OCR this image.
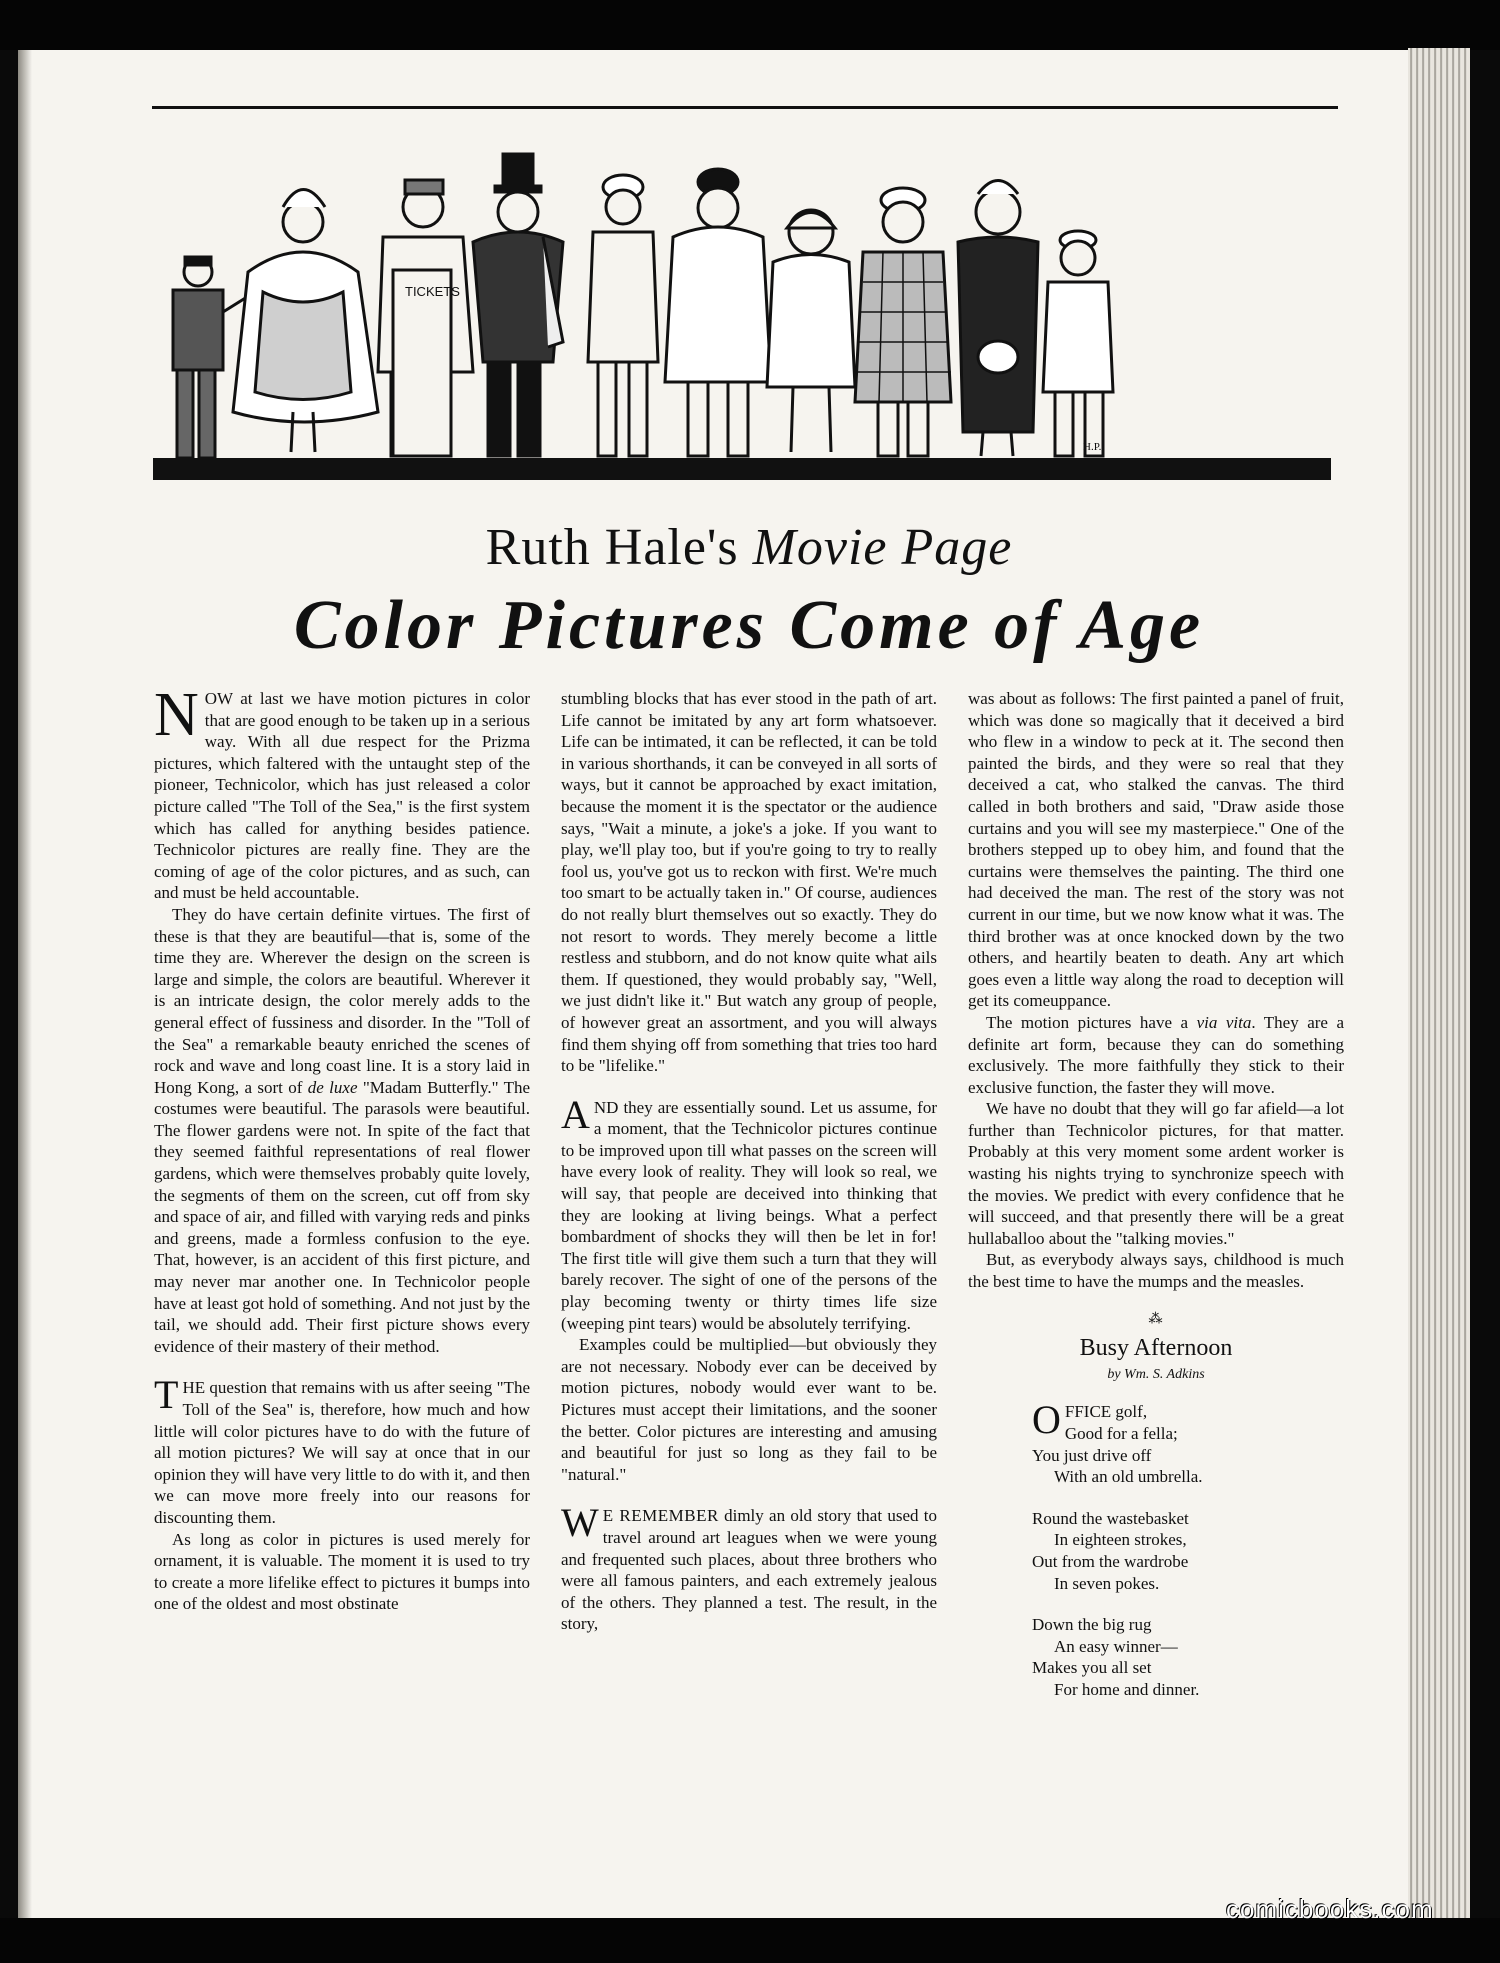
TICKETS
H.P.
Ruth Hale's Movie Page
Color Pictures Come of Age

NOW at last we have motion pictures in color that are good enough to be taken up in a serious way. With all due respect for the Prizma pictures, which faltered with the untaught step of the pioneer, Technicolor, which has just released a color picture called "The Toll of the Sea," is the first system which has called for anything besides patience. Technicolor pictures are really fine. They are the coming of age of the color pictures, and as such, can and must be held accountable.

They do have certain definite virtues. The first of these is that they are beautiful—that is, some of the time they are. Wherever the design on the screen is large and simple, the colors are beautiful. Wherever it is an intricate design, the color merely adds to the general effect of fussiness and disorder. In the "Toll of the Sea" a remarkable beauty enriched the scenes of rock and wave and long coast line. It is a story laid in Hong Kong, a sort of de luxe "Madam Butterfly." The costumes were beautiful. The parasols were beautiful. The flower gardens were not. In spite of the fact that they seemed faithful representations of real flower gardens, which were themselves probably quite lovely, the segments of them on the screen, cut off from sky and space of air, and filled with varying reds and pinks and greens, made a formless confusion to the eye. That, however, is an accident of this first picture, and may never mar another one. In Technicolor people have at least got hold of something. And not just by the tail, we should add. Their first picture shows every evidence of their mastery of their method.

THE question that remains with us after seeing "The Toll of the Sea" is, therefore, how much and how little will color pictures have to do with the future of all motion pictures? We will say at once that in our opinion they will have very little to do with it, and then we can move more freely into our reasons for discounting them.

As long as color in pictures is used merely for ornament, it is valuable. The moment it is used to try to create a more lifelike effect to pictures it bumps into one of the oldest and most obstinate

stumbling blocks that has ever stood in the path of art. Life cannot be imitated by any art form whatsoever. Life can be intimated, it can be reflected, it can be told in various shorthands, it can be conveyed in all sorts of ways, but it cannot be approached by exact imitation, because the moment it is the spectator or the audience says, "Wait a minute, a joke's a joke. If you want to play, we'll play too, but if you're going to try to really fool us, you've got us to reckon with first. We're much too smart to be actually taken in." Of course, audiences do not really blurt themselves out so exactly. They do not resort to words. They merely become a little restless and stubborn, and do not know quite what ails them. If questioned, they would probably say, "Well, we just didn't like it." But watch any group of people, of however great an assortment, and you will always find them shying off from something that tries too hard to be "lifelike."

AND they are essentially sound. Let us assume, for a moment, that the Technicolor pictures continue to be improved upon till what passes on the screen will have every look of reality. They will look so real, we will say, that people are deceived into thinking that they are looking at living beings. What a perfect bombardment of shocks they will then be let in for! The first title will give them such a turn that they will barely recover. The sight of one of the persons of the play becoming twenty or thirty times life size (weeping pint tears) would be absolutely terrifying.

Examples could be multiplied—but obviously they are not necessary. Nobody ever can be deceived by motion pictures, nobody would ever want to be. Pictures must accept their limitations, and the sooner the better. Color pictures are interesting and amusing and beautiful for just so long as they fail to be "natural."

W E REMEMBER dimly an old story that used to travel around art leagues when we were young and frequented such places, about three brothers who were all famous painters, and each extremely jealous of the others. They planned a test. The result, in the story,

was about as follows: The first painted a panel of fruit, which was done so magically that it deceived a bird who flew in a window to peck at it. The second then painted the birds, and they were so real that they deceived a cat, who stalked the canvas. The third called in both brothers and said, "Draw aside those curtains and you will see my masterpiece." One of the brothers stepped up to obey him, and found that the curtains were themselves the painting. The third one had deceived the man. The rest of the story was not current in our time, but we now know what it was. The third brother was at once knocked down by the two others, and heartily beaten to death. Any art which goes even a little way along the road to deception will get its comeuppance.

The motion pictures have a via vita. They are a definite art form, because they can do something exclusively. The more faithfully they stick to their exclusive function, the faster they will move.

We have no doubt that they will go far afield—a lot further than Technicolor pictures, for that matter. Probably at this very moment some ardent worker is wasting his nights trying to synchronize speech with the movies. We predict with every confidence that he will succeed, and that presently there will be a great hullaballoo about the "talking movies."

But, as everybody always says, childhood is much the best time to have the mumps and the measles.

⁂
Busy Afternoon
by Wm. S. Adkins
OFFICE golf,
Good for a fella;
You just drive off
With an old umbrella.
Round the wastebasket
In eighteen strokes,
Out from the wardrobe
In seven pokes.
Down the big rug
An easy winner—
Makes you all set
For home and dinner.
comicbooks.com
